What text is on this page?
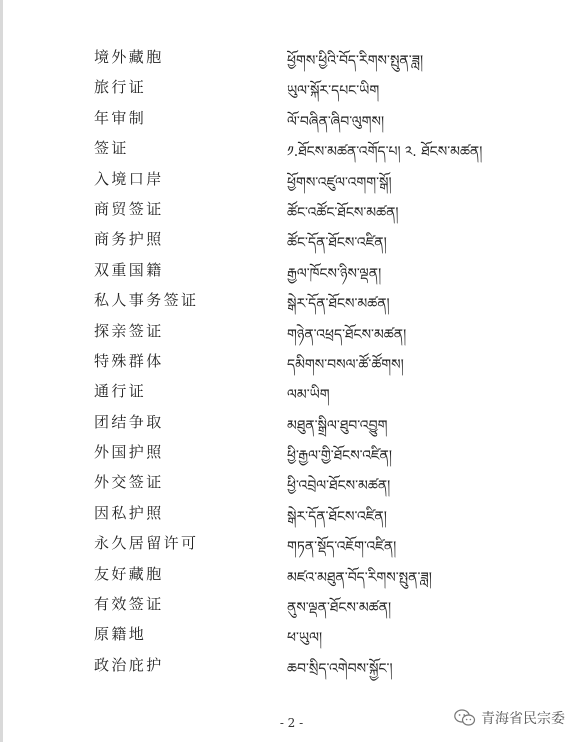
境外藏胞	ཕྱོགས་ཕྱིའི་བོད་རིགས་སྤུན་ཟླ།
旅行证	ཡུལ་སྐོར་དཔང་ཡིག
年审制	ལོ་བཞིན་ཞིབ་ལུགས།
签证	༡.ཐོངས་མཚན་འགོད་པ། ༢. ཐོངས་མཚན།
入境口岸	ཕྱོགས་འཛུལ་འགག་སྒོ།
商贸签证	ཚོང་འཚོང་ཐོངས་མཚན།
商务护照	ཚོང་དོན་ཐོངས་འཛིན།
双重国籍	རྒྱལ་ཁོངས་ཉིས་ལྡན།
私人事务签证	སྒེར་དོན་ཐོངས་མཚན།
探亲签证	གཉེན་འཕྲད་ཐོངས་མཚན།
特殊群体	དམིགས་བསལ་ཚོ་ཚོགས།
通行证	ལམ་ཡིག
团结争取	མཐུན་སྒྲིལ་ཐུབ་འབྱུག
外国护照	ཕྱི་རྒྱལ་གྱི་ཐོངས་འཛིན།
外交签证	ཕྱི་འབྲེལ་ཐོངས་མཚན།
因私护照	སྒེར་དོན་ཐོངས་འཛིན།
永久居留许可	གཏན་སྡོད་འཇོག་འཛིན།
友好藏胞	མཛའ་མཐུན་བོད་རིགས་སྤུན་ཟླ།
有效签证	ནུས་ལྡན་ཐོངས་མཚན།
原籍地	ཕ་ཡུལ།
政治庇护	ཆབ་སྲིད་འགེབས་སྐྱོང་།
- 2 -	青海省民宗委
